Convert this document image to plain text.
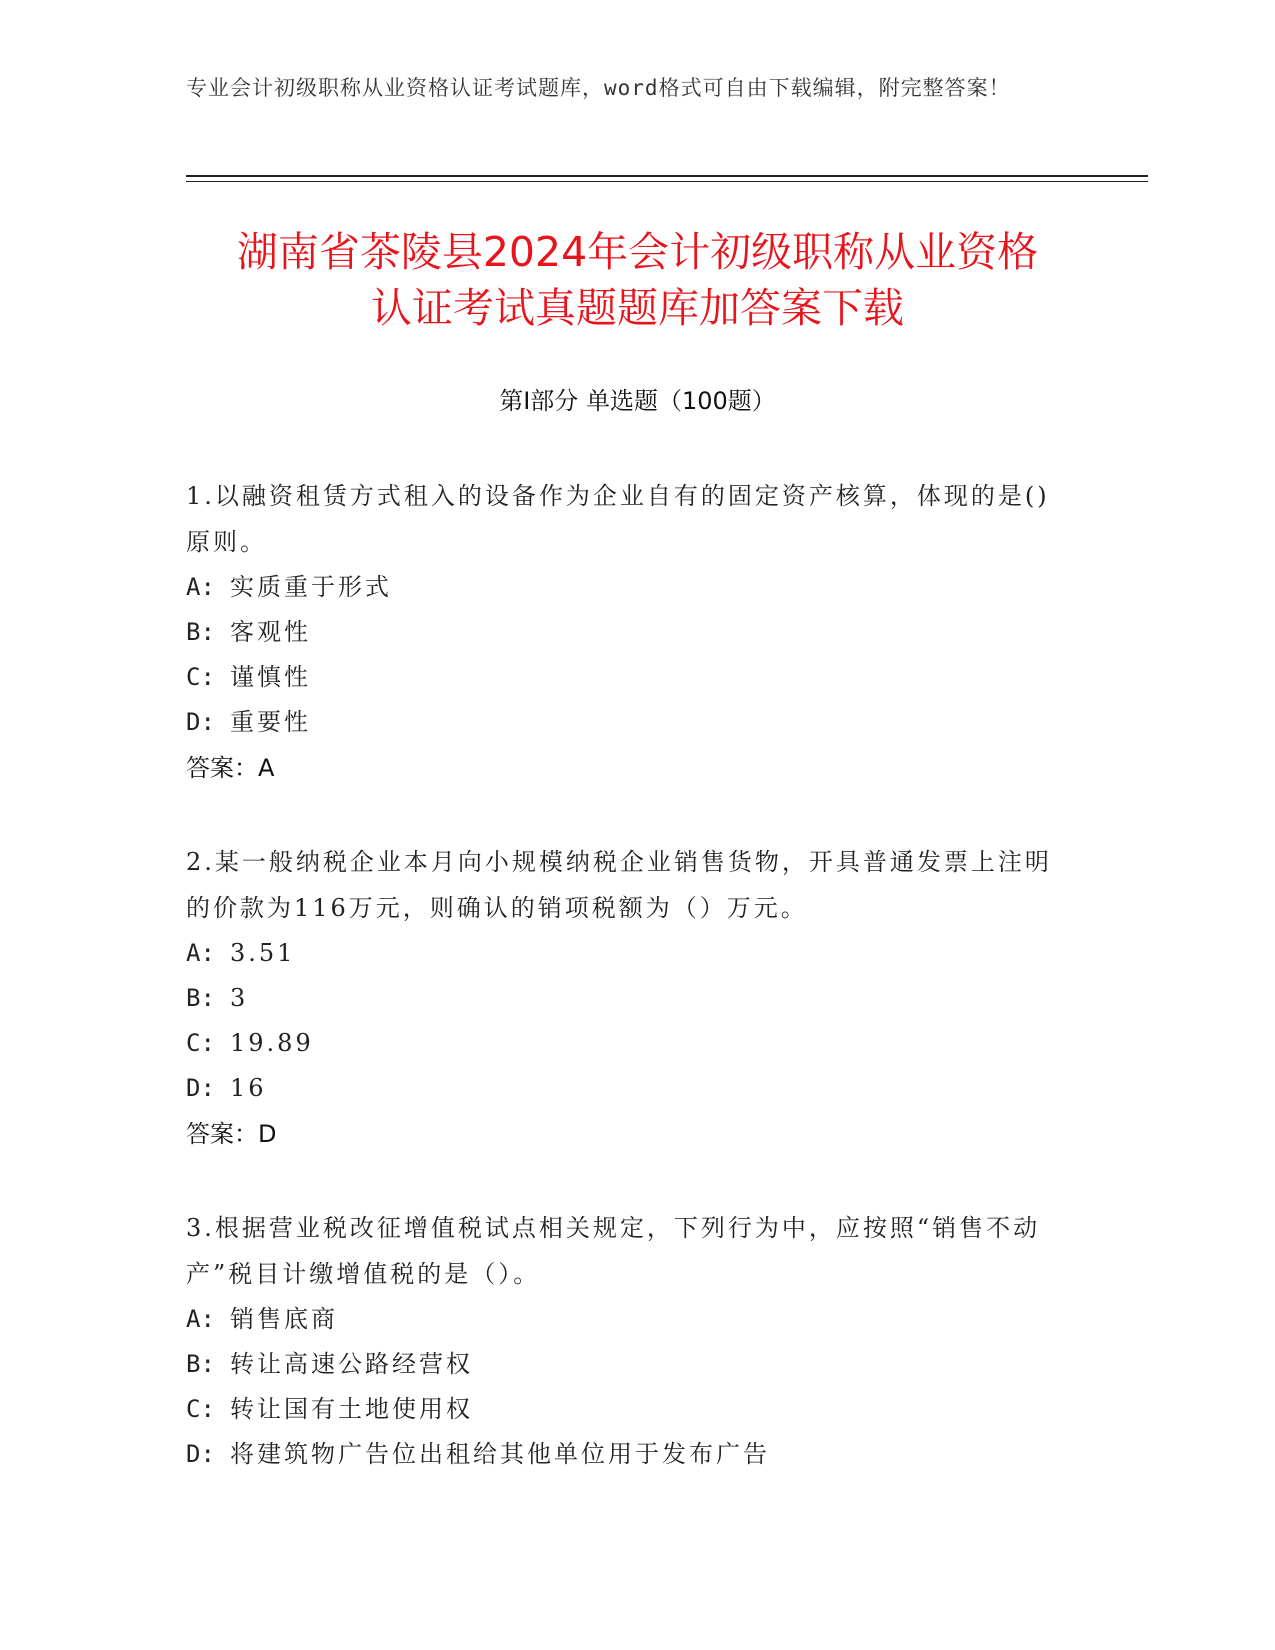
专业会计初级职称从业资格认证考试题库，word格式可自由下载编辑，附完整答案！
湖南省茶陵县2024年会计初级职称从业资格
认证考试真题题库加答案下载
第Ⅰ部分 单选题（100题）

1.以融资租赁方式租入的设备作为企业自有的固定资产核算，体现的是()原则。

A: 实质重于形式
B: 客观性
C: 谨慎性
D: 重要性

答案：A

2.某一般纳税企业本月向小规模纳税企业销售货物，开具普通发票上注明的价款为116万元，则确认的销项税额为（）万元。

A: 3.51
B: 3
C: 19.89
D: 16

答案：D

3.根据营业税改征增值税试点相关规定，下列行为中，应按照“销售不动产”税目计缴增值税的是（）。

A: 销售底商
B: 转让高速公路经营权
C: 转让国有土地使用权
D: 将建筑物广告位出租给其他单位用于发布广告
